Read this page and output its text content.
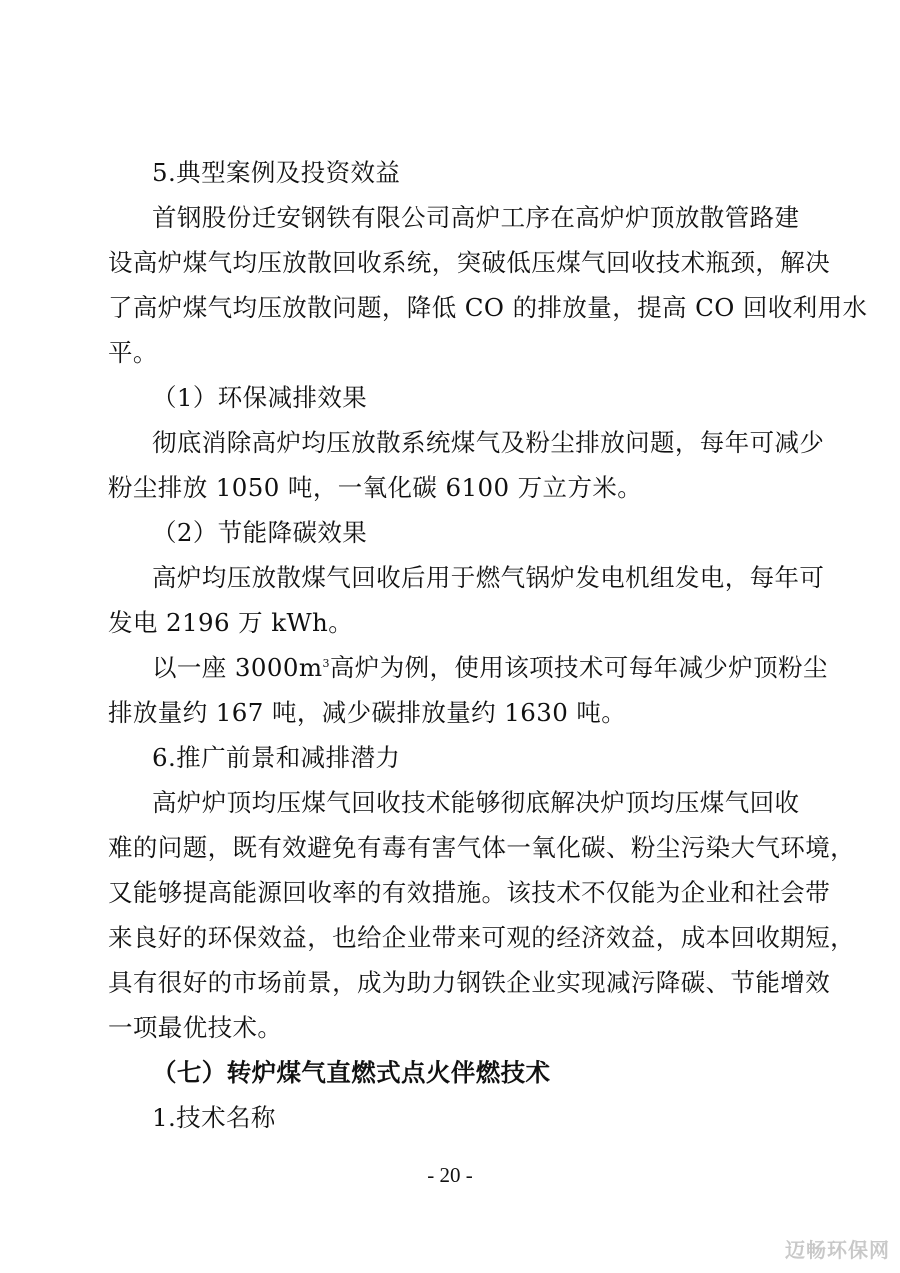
5.典型案例及投资效益
首钢股份迁安钢铁有限公司高炉工序在高炉炉顶放散管路建
设高炉煤气均压放散回收系统，突破低压煤气回收技术瓶颈，解决
了高炉煤气均压放散问题，降低 CO 的排放量，提高 CO 回收利用水
平。
（1）环保减排效果
彻底消除高炉均压放散系统煤气及粉尘排放问题，每年可减少
粉尘排放 1050 吨，一氧化碳 6100 万立方米。
（2）节能降碳效果
高炉均压放散煤气回收后用于燃气锅炉发电机组发电，每年可
发电 2196 万 kWh。
以一座 $3000m^3$高炉为例，使用该项技术可每年减少炉顶粉尘
排放量约 167 吨，减少碳排放量约 1630 吨。
6.推广前景和减排潜力
高炉炉顶均压煤气回收技术能够彻底解决炉顶均压煤气回收
难的问题，既有效避免有毒有害气体一氧化碳、粉尘污染大气环境，
又能够提高能源回收率的有效措施。该技术不仅能为企业和社会带
来良好的环保效益，也给企业带来可观的经济效益，成本回收期短，
具有很好的市场前景，成为助力钢铁企业实现减污降碳、节能增效
一项最优技术。
（七）转炉煤气直燃式点火伴燃技术
1.技术名称
- 20 -
迈畅环保网
